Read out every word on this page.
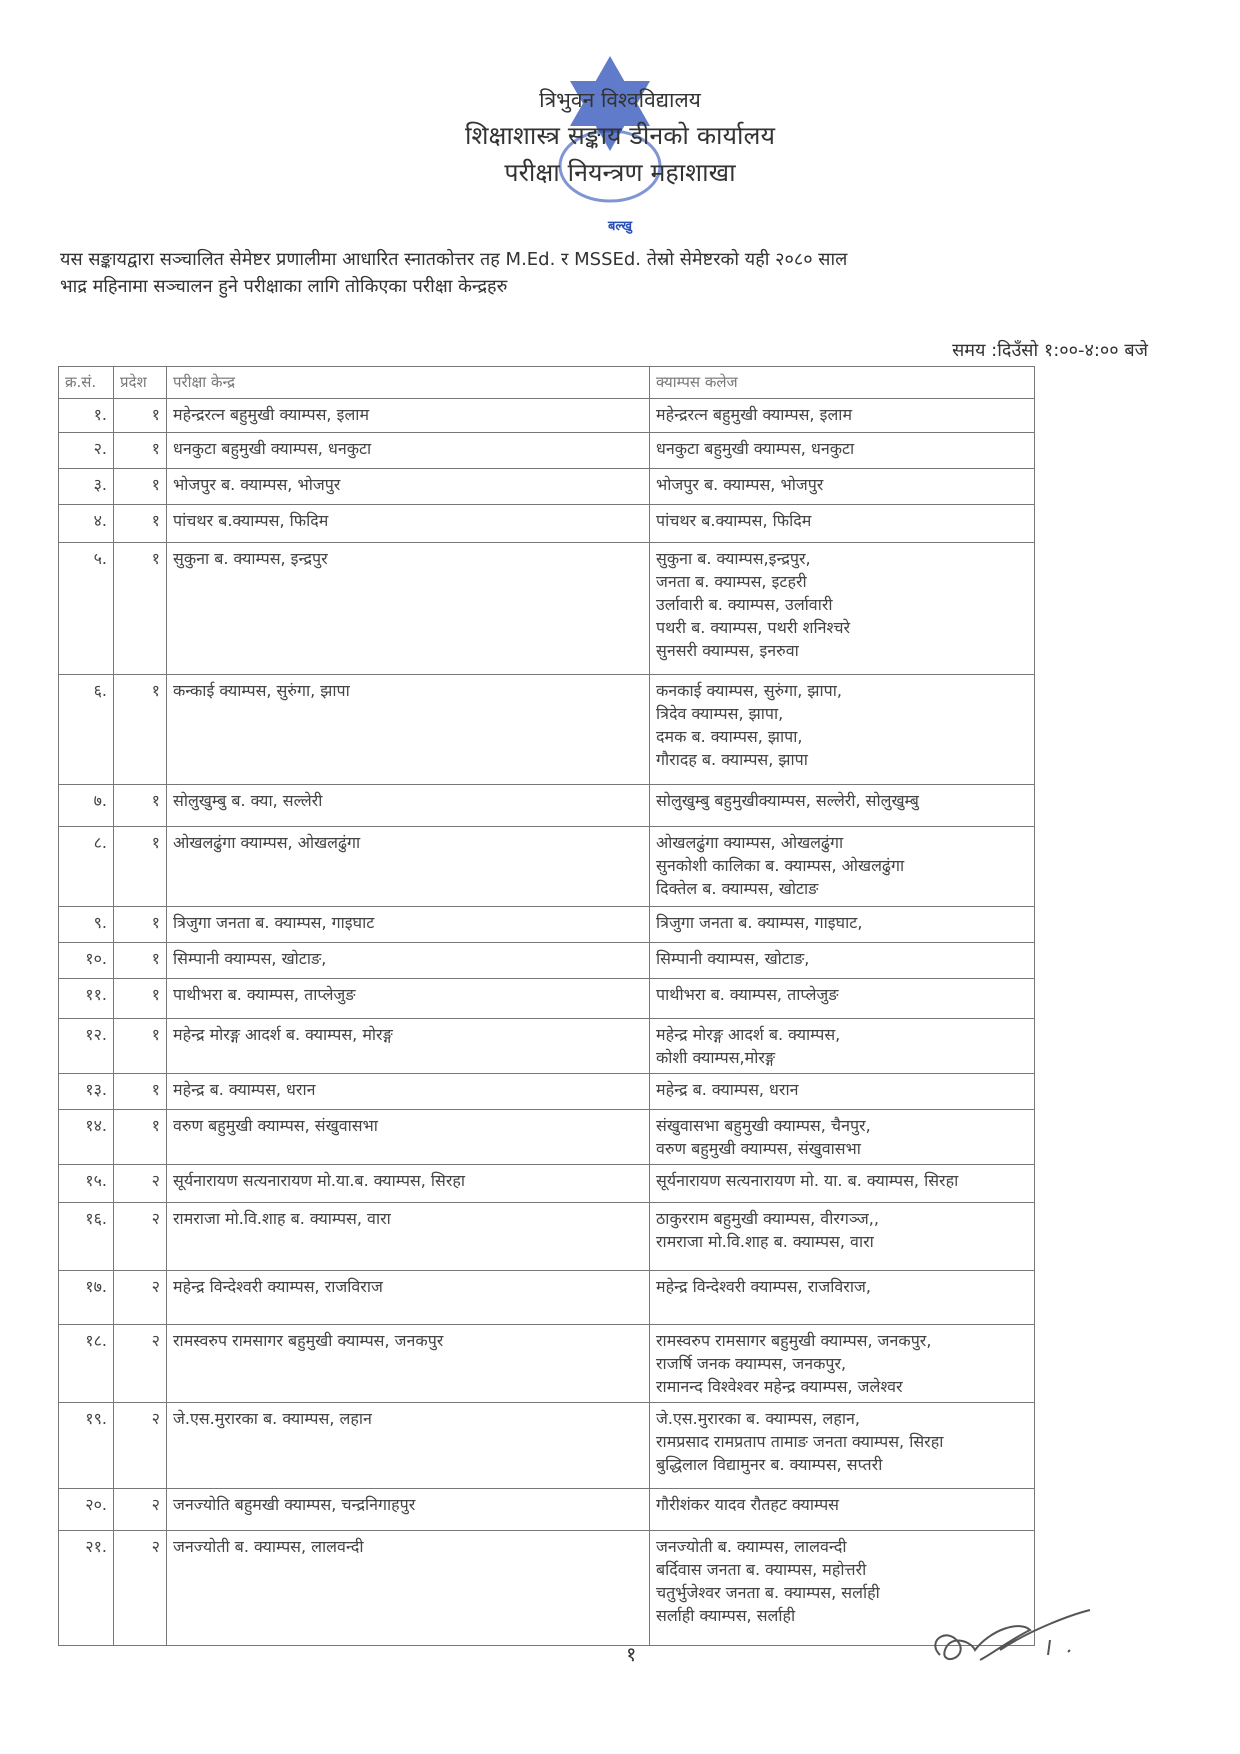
त्रिभुवन विश्वविद्यालय
शिक्षाशास्त्र सङ्काय डीनको कार्यालय
परीक्षा नियन्त्रण महाशाखा
बल्खु
यस सङ्कायद्वारा सञ्चालित सेमेष्टर प्रणालीमा आधारित स्नातकोत्तर तह M.Ed. र MSSEd. तेस्रो सेमेष्टरको यही २०८० साल
भाद्र महिनामा सञ्चालन हुने परीक्षाका लागि तोकिएका परीक्षा केन्द्रहरु
समय :दिउँसो १:००-४:०० बजे
क्र.सं.	प्रदेश	परीक्षा केन्द्र	क्याम्पस कलेज
१.	१	महेन्द्ररत्न बहुमुखी क्याम्पस, इलाम	महेन्द्ररत्न बहुमुखी क्याम्पस, इलाम

२.	१	धनकुटा बहुमुखी क्याम्पस, धनकुटा	धनकुटा बहुमुखी क्याम्पस, धनकुटा

३.	१	भोजपुर ब. क्याम्पस, भोजपुर	भोजपुर ब. क्याम्पस, भोजपुर

४.	१	पांचथर ब.क्याम्पस, फिदिम	पांचथर ब.क्याम्पस, फिदिम

५.	१	सुकुना ब. क्याम्पस, इन्द्रपुर	सुकुना ब. क्याम्पस,इन्द्रपुर,
जनता ब. क्याम्पस, इटहरी
उर्लावारी ब. क्याम्पस, उर्लावारी
पथरी ब. क्याम्पस, पथरी शनिश्चरे
सुनसरी क्याम्पस, इनरुवा

६.	१	कन्काई क्याम्पस, सुरुंगा, झापा	कनकाई क्याम्पस, सुरुंगा, झापा,
त्रिदेव क्याम्पस, झापा,
दमक ब. क्याम्पस, झापा,
गौरादह ब. क्याम्पस, झापा

७.	१	सोलुखुम्बु ब. क्या, सल्लेरी	सोलुखुम्बु बहुमुखीक्याम्पस, सल्लेरी, सोलुखुम्बु

८.	१	ओखलढुंगा क्याम्पस, ओखलढुंगा	ओखलढुंगा क्याम्पस, ओखलढुंगा
सुनकोशी कालिका ब. क्याम्पस, ओखलढुंगा
दिक्तेल ब. क्याम्पस, खोटाङ

९.	१	त्रिजुगा जनता ब. क्याम्पस, गाइघाट	त्रिजुगा जनता ब. क्याम्पस, गाइघाट,

१०.	१	सिम्पानी क्याम्पस, खोटाङ,	सिम्पानी क्याम्पस, खोटाङ,

११.	१	पाथीभरा ब. क्याम्पस, ताप्लेजुङ	पाथीभरा ब. क्याम्पस, ताप्लेजुङ

१२.	१	महेन्द्र मोरङ्ग आदर्श ब. क्याम्पस, मोरङ्ग	महेन्द्र मोरङ्ग आदर्श ब. क्याम्पस,
कोशी क्याम्पस,मोरङ्ग

१३.	१	महेन्द्र ब. क्याम्पस, धरान	महेन्द्र ब. क्याम्पस, धरान

१४.	१	वरुण बहुमुखी क्याम्पस, संखुवासभा	संखुवासभा बहुमुखी क्याम्पस, चैनपुर,
वरुण बहुमुखी क्याम्पस, संखुवासभा

१५.	२	सूर्यनारायण सत्यनारायण मो.या.ब. क्याम्पस, सिरहा	सूर्यनारायण सत्यनारायण मो. या. ब. क्याम्पस, सिरहा

१६.	२	रामराजा मो.वि.शाह ब. क्याम्पस, वारा	ठाकुरराम बहुमुखी क्याम्पस, वीरगञ्ज,,
रामराजा मो.वि.शाह ब. क्याम्पस, वारा

१७.	२	महेन्द्र विन्देश्वरी क्याम्पस, राजविराज	महेन्द्र विन्देश्वरी क्याम्पस, राजविराज,

१८.	२	रामस्वरुप रामसागर बहुमुखी क्याम्पस, जनकपुर	रामस्वरुप रामसागर बहुमुखी क्याम्पस, जनकपुर,
राजर्षि जनक क्याम्पस, जनकपुर,
रामानन्द विश्वेश्वर महेन्द्र क्याम्पस, जलेश्वर

१९.	२	जे.एस.मुरारका ब. क्याम्पस, लहान	जे.एस.मुरारका ब. क्याम्पस, लहान,
रामप्रसाद रामप्रताप तामाङ जनता क्याम्पस, सिरहा
बुद्धिलाल विद्यामुनर ब. क्याम्पस, सप्तरी

२०.	२	जनज्योति बहुमखी क्याम्पस, चन्द्रनिगाहपुर	गौरीशंकर यादव रौतहट क्याम्पस

२१.	२	जनज्योती ब. क्याम्पस, लालवन्दी	जनज्योती ब. क्याम्पस, लालवन्दी
बर्दिवास जनता ब. क्याम्पस, महोत्तरी
चतुर्भुजेश्वर जनता ब. क्याम्पस, सर्लाही
सर्लाही क्याम्पस, सर्लाही
१
